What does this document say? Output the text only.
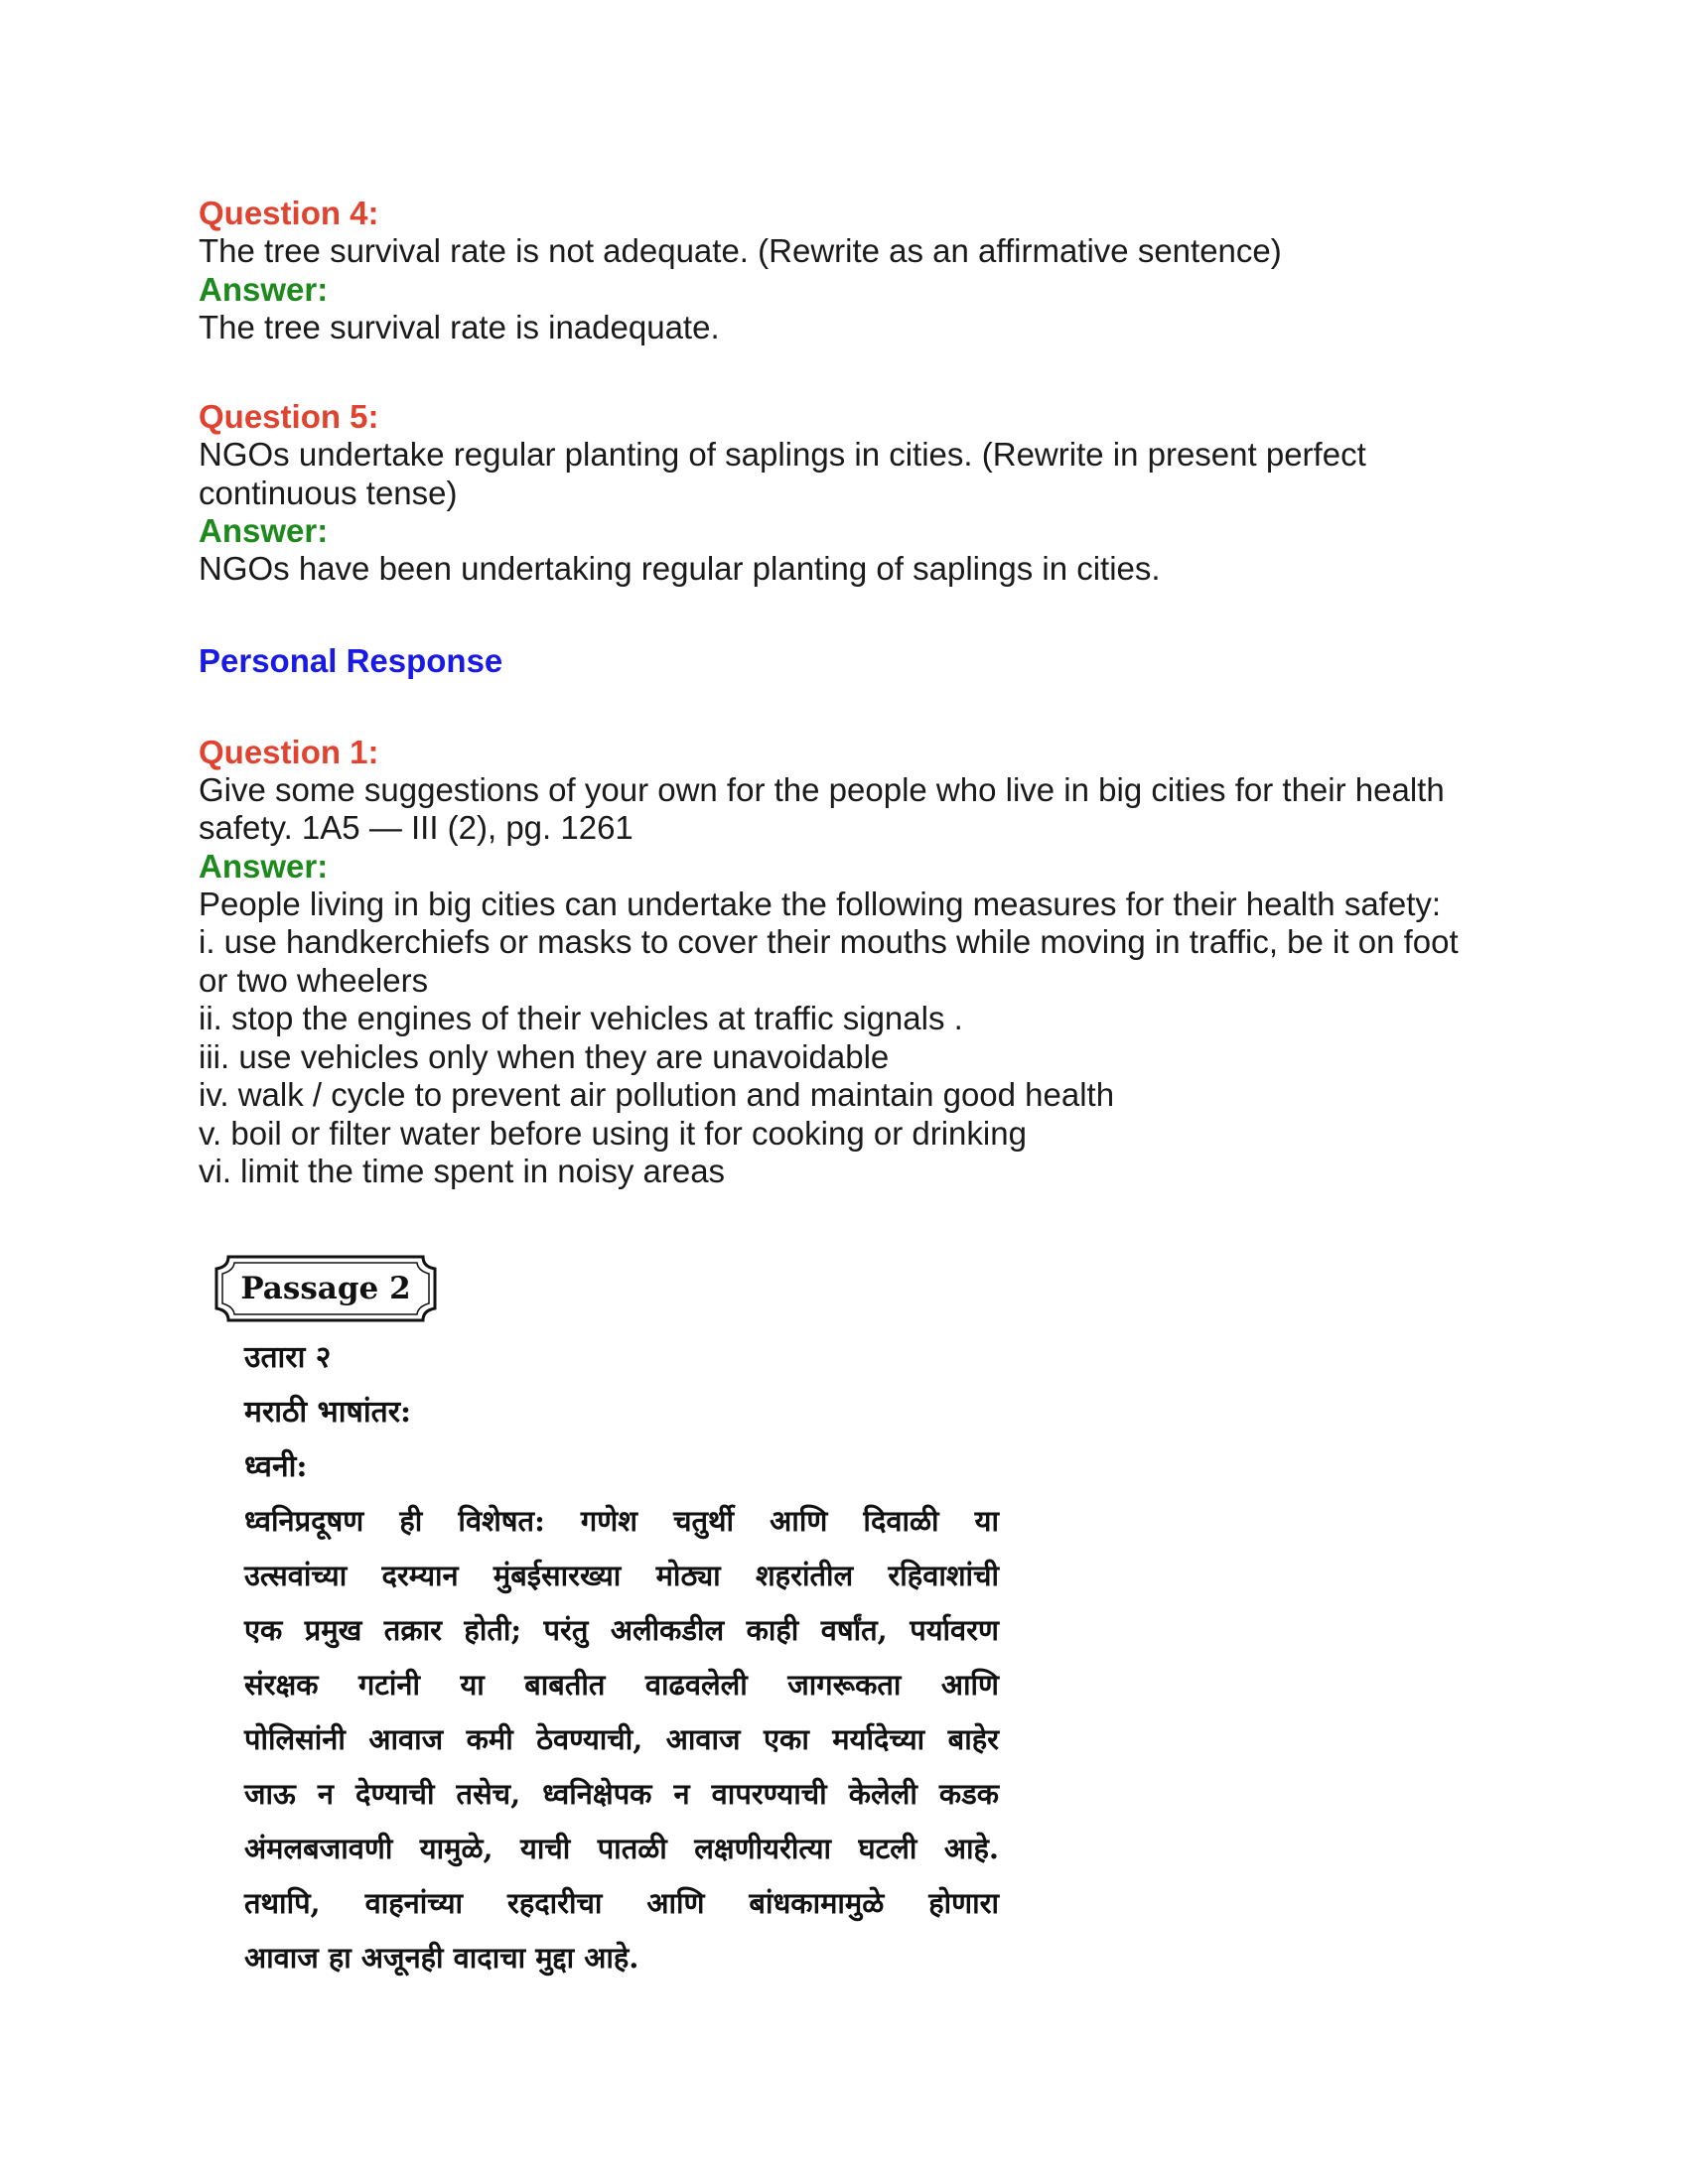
Question 4:
The tree survival rate is not adequate. (Rewrite as an affirmative sentence)
Answer:
The tree survival rate is inadequate.
Question 5:
NGOs undertake regular planting of saplings in cities. (Rewrite in present perfect
continuous tense)
Answer:
NGOs have been undertaking regular planting of saplings in cities.
Personal Response
Question 1:
Give some suggestions of your own for the people who live in big cities for their health
safety. 1A5 — III (2), pg. 1261
Answer:
People living in big cities can undertake the following measures for their health safety:
i. use handkerchiefs or masks to cover their mouths while moving in traffic, be it on foot
or two wheelers
ii. stop the engines of their vehicles at traffic signals .
iii. use vehicles only when they are unavoidable
iv. walk / cycle to prevent air pollution and maintain good health
v. boil or filter water before using it for cooking or drinking
vi. limit the time spent in noisy areas
Passage 2
उतारा २
मराठी भाषांतर:
ध्वनी:
ध्वनिप्रदूषण ही विशेषत: गणेश चतुर्थी आणि दिवाळी या
उत्सवांच्या दरम्यान मुंबईसारख्या मोठ्या शहरांतील रहिवाशांची
एक प्रमुख तक्रार होती; परंतु अलीकडील काही वर्षांत, पर्यावरण
संरक्षक गटांनी या बाबतीत वाढवलेली जागरूकता आणि
पोलिसांनी आवाज कमी ठेवण्याची, आवाज एका मर्यादेच्या बाहेर
जाऊ न देण्याची तसेच, ध्वनिक्षेपक न वापरण्याची केलेली कडक
अंमलबजावणी यामुळे, याची पातळी लक्षणीयरीत्या घटली आहे.
तथापि, वाहनांच्या रहदारीचा आणि बांधकामामुळे होणारा
आवाज हा अजूनही वादाचा मुद्दा आहे.
